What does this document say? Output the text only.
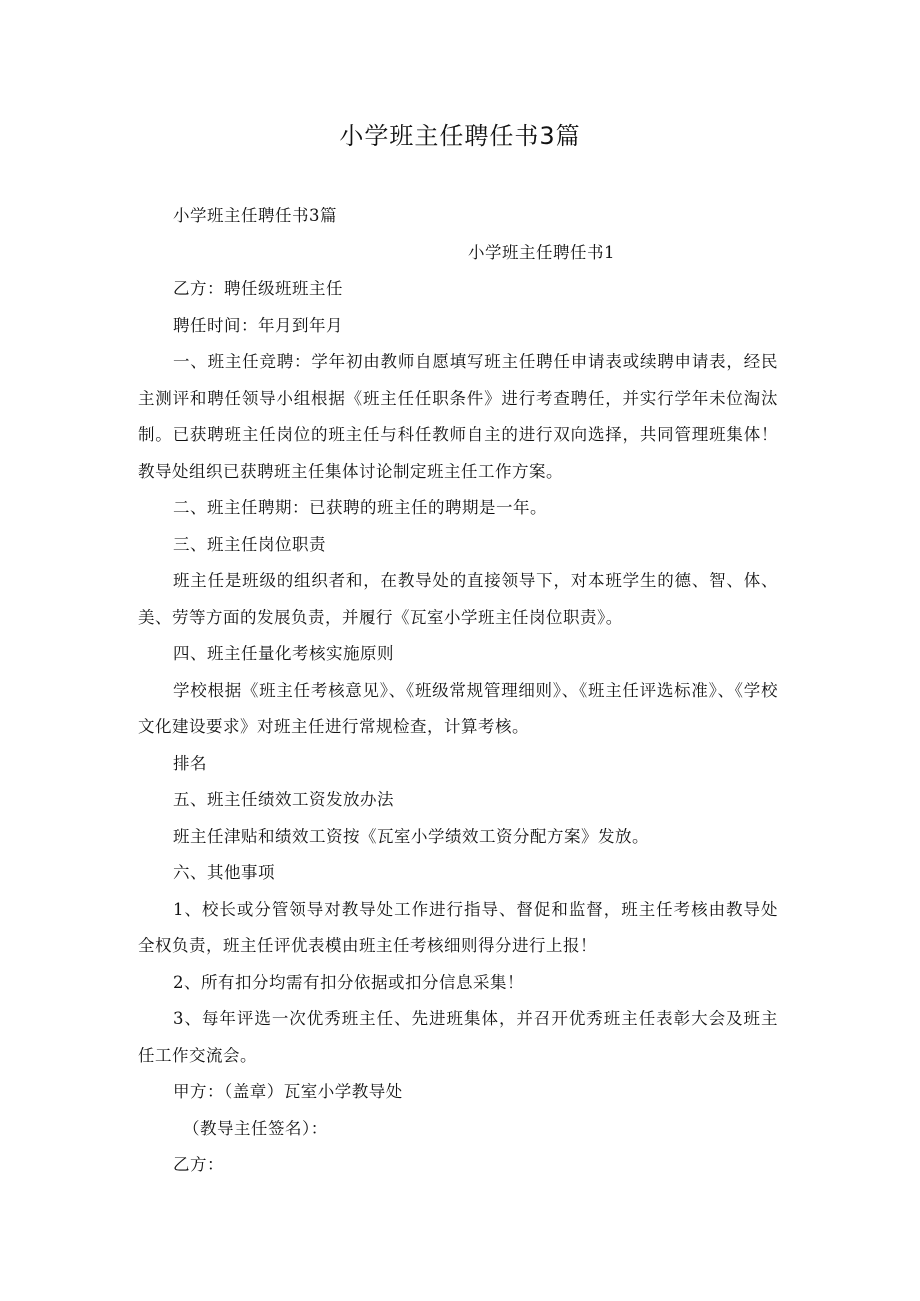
小学班主任聘任书3篇

小学班主任聘任书3篇

小学班主任聘任书1

乙方：聘任级班班主任

聘任时间：年月到年月

一、班主任竞聘：学年初由教师自愿填写班主任聘任申请表或续聘申请表，经民主测评和聘任领导小组根据《班主任任职条件》进行考查聘任，并实行学年未位淘汰制。已获聘班主任岗位的班主任与科任教师自主的进行双向选择，共同管理班集体！教导处组织已获聘班主任集体讨论制定班主任工作方案。

二、班主任聘期：已获聘的班主任的聘期是一年。

三、班主任岗位职责

班主任是班级的组织者和，在教导处的直接领导下，对本班学生的德、智、体、美、劳等方面的发展负责，并履行《瓦室小学班主任岗位职责》。

四、班主任量化考核实施原则

学校根据《班主任考核意见》、《班级常规管理细则》、《班主任评选标准》、《学校文化建设要求》对班主任进行常规检查，计算考核。

排名

五、班主任绩效工资发放办法

班主任津贴和绩效工资按《瓦室小学绩效工资分配方案》发放。

六、其他事项

1、校长或分管领导对教导处工作进行指导、督促和监督，班主任考核由教导处全权负责，班主任评优表模由班主任考核细则得分进行上报！

2、所有扣分均需有扣分依据或扣分信息采集！

3、每年评选一次优秀班主任、先进班集体，并召开优秀班主任表彰大会及班主任工作交流会。

甲方：（盖章）瓦室小学教导处

（教导主任签名）：

乙方：
